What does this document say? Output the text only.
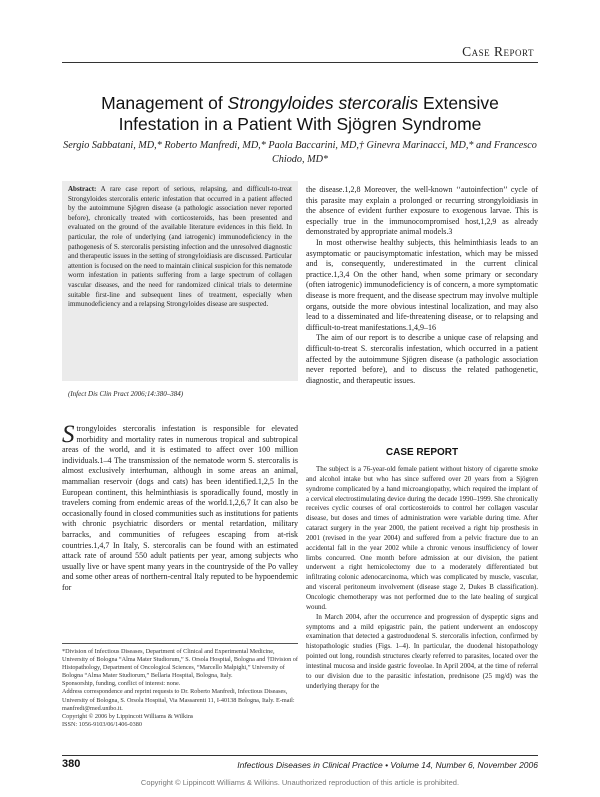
Case Report
Management of Strongyloides stercoralis Extensive Infestation in a Patient With Sjögren Syndrome
Sergio Sabbatani, MD,* Roberto Manfredi, MD,* Paola Baccarini, MD,† Ginevra Marinacci, MD,* and Francesco Chiodo, MD*

Abstract: A rare case report of serious, relapsing, and difficult-to-treat Strongyloides stercoralis enteric infestation that occurred in a patient affected by the autoimmune Sjögren disease (a pathologic association never reported before), chronically treated with corticosteroids, has been presented and evaluated on the ground of the available literature evidences in this field. In particular, the role of underlying (and iatrogenic) immunodeficiency in the pathogenesis of S. stercoralis persisting infection and the unresolved diagnostic and therapeutic issues in the setting of strongyloidiasis are discussed. Particular attention is focused on the need to maintain clinical suspicion for this nematode worm infestation in patients suffering from a large spectrum of collagen vascular diseases, and the need for randomized clinical trials to determine suitable first-line and subsequent lines of treatment, especially when immunodeficiency and a relapsing Strongyloides disease are suspected.

(Infect Dis Clin Pract 2006;14:380–384)

Strongyloides stercoralis infestation is responsible for elevated morbidity and mortality rates in numerous tropical and subtropical areas of the world, and it is estimated to affect over 100 million individuals.1–4 The transmission of the nematode worm S. stercoralis is almost exclusively interhuman, although in some areas an animal, mammalian reservoir (dogs and cats) has been identified.1,2,5 In the European continent, this helminthiasis is sporadically found, mostly in travelers coming from endemic areas of the world.1,2,6,7 It can also be occasionally found in closed communities such as institutions for patients with chronic psychiatric disorders or mental retardation, military barracks, and communities of refugees escaping from at-risk countries.1,4,7 In Italy, S. stercoralis can be found with an estimated attack rate of around 550 adult patients per year, among subjects who usually live or have spent many years in the countryside of the Po valley and some other areas of northern-central Italy reputed to be hypoendemic for

*Division of Infectious Diseases, Department of Clinical and Experimental Medicine, University of Bologna “Alma Mater Studiorum,” S. Orsola Hospital, Bologna and †Division of Histopathology, Department of Oncological Sciences, “Marcello Malpighi,” University of Bologna “Alma Mater Studiorum,” Bellaria Hospital, Bologna, Italy.

Sponsorship, funding, conflict of interest: none.

Address correspondence and reprint requests to Dr. Roberto Manfredi, Infectious Diseases, University of Bologna, S. Orsola Hospital, Via Massarenti 11, I-40138 Bologna, Italy. E-mail: manfredi@med.unibo.it.

Copyright © 2006 by Lippincott Williams & Wilkins

ISSN: 1056-9103/06/1406-0380

the disease.1,2,8 Moreover, the well-known ‘‘autoinfection’’ cycle of this parasite may explain a prolonged or recurring strongyloidiasis in the absence of evident further exposure to exogenous larvae. This is especially true in the immunocompromised host,1,2,9 as already demonstrated by appropriate animal models.3

In most otherwise healthy subjects, this helminthiasis leads to an asymptomatic or paucisymptomatic infestation, which may be missed and is, consequently, underestimated in the current clinical practice.1,3,4 On the other hand, when some primary or secondary (often iatrogenic) immunodeficiency is of concern, a more symptomatic disease is more frequent, and the disease spectrum may involve multiple organs, outside the more obvious intestinal localization, and may also lead to a disseminated and life-threatening disease, or to relapsing and difficult-to-treat manifestations.1,4,9–16

The aim of our report is to describe a unique case of relapsing and difficult-to-treat S. stercoralis infestation, which occurred in a patient affected by the autoimmune Sjögren disease (a pathologic association never reported before), and to discuss the related pathogenetic, diagnostic, and therapeutic issues.

CASE REPORT

The subject is a 76-year-old female patient without history of cigarette smoke and alcohol intake but who has since suffered over 20 years from a Sjögren syndrome complicated by a hand microangiopathy, which required the implant of a cervical electrostimulating device during the decade 1990–1999. She chronically receives cyclic courses of oral corticosteroids to control her collagen vascular disease, but doses and times of administration were variable during time. After cataract surgery in the year 2000, the patient received a right hip prosthesis in 2001 (revised in the year 2004) and suffered from a pelvic fracture due to an accidental fall in the year 2002 while a chronic venous insufficiency of lower limbs concurred. One month before admission at our division, the patient underwent a right hemicolectomy due to a moderately differentiated but infiltrating colonic adenocarcinoma, which was complicated by muscle, vascular, and visceral peritoneum involvement (disease stage 2, Dukes B classification). Oncologic chemotherapy was not performed due to the late healing of surgical wound.

In March 2004, after the occurrence and progression of dyspeptic signs and symptoms and a mild epigastric pain, the patient underwent an endoscopy examination that detected a gastroduodenal S. stercoralis infection, confirmed by histopathologic studies (Figs. 1–4). In particular, the duodenal histopathology pointed out long, roundish structures clearly referred to parasites, located over the intestinal mucosa and inside gastric foveolae. In April 2004, at the time of referral to our division due to the parasitic infestation, prednisone (25 mg/d) was the underlying therapy for the

380	Infectious Diseases in Clinical Practice • Volume 14, Number 6, November 2006
Copyright © Lippincott Williams & Wilkins. Unauthorized reproduction of this article is prohibited.
